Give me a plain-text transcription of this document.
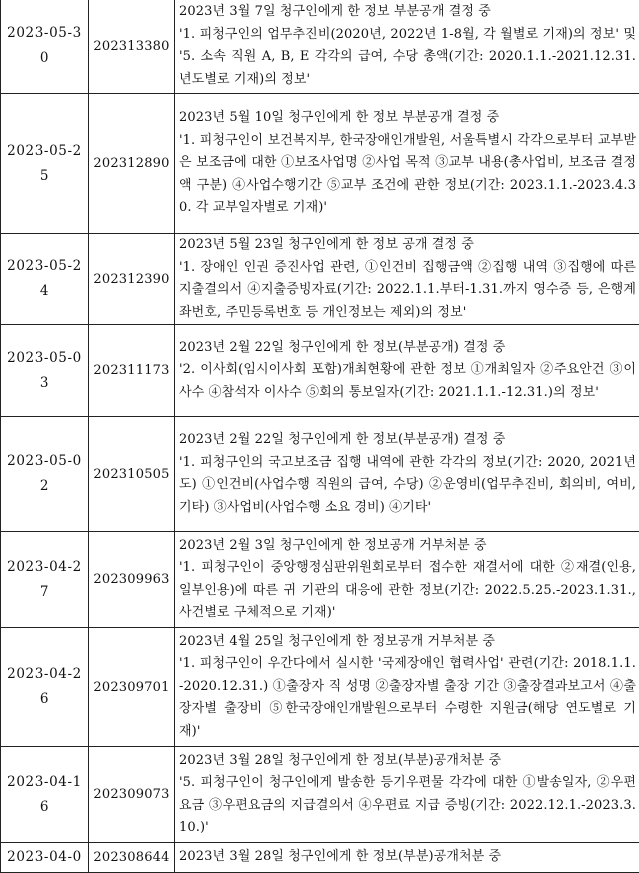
2023-05-30	202313380	2023년 3월 7일 청구인에게 한 정보 부분공개 결정 중

'1. 피청구인의 업무추진비(2020년, 2022년 1-8월, 각 월별로 기재)의 정보' 및 '5. 소속 직원 A, B, E 각각의 급여, 수당 총액(기간: 2020.1.1.-2021.12.31. 년도별로 기재)의 정보'

2023-05-25	202312890	2023년 5월 10일 청구인에게 한 정보 부분공개 결정 중

'1. 피청구인이 보건복지부, 한국장애인개발원, 서울특별시 각각으로부터 교부받은 보조금에 대한 ①보조사업명 ②사업 목적 ③교부 내용(총사업비, 보조금 결정액 구분) ④사업수행기간 ⑤교부 조건에 관한 정보(기간: 2023.1.1.-2023.4.30. 각 교부일자별로 기재)'

2023-05-24	202312390	2023년 5월 23일 청구인에게 한 정보 공개 결정 중

'1. 장애인 인권 증진사업 관련, ①인건비 집행금액 ②집행 내역 ③집행에 따른 지출결의서 ④지출증빙자료(기간: 2022.1.1.부터-1.31.까지 영수증 등, 은행계좌번호, 주민등록번호 등 개인정보는 제외)의 정보'

2023-05-03	202311173	2023년 2월 22일 청구인에게 한 정보(부분공개) 결정 중

'2. 이사회(임시이사회 포함)개최현황에 관한 정보 ①개최일자 ②주요안건 ③이사수 ④참석자 이사수 ⑤회의 통보일자(기간: 2021.1.1.-12.31.)의 정보'

2023-05-02	202310505	2023년 2월 22일 청구인에게 한 정보(부분공개) 결정 중

'1. 피청구인의 국고보조금 집행 내역에 관한 각각의 정보(기간: 2020, 2021년도) ①인건비(사업수행 직원의 급여, 수당) ②운영비(업무추진비, 회의비, 여비, 기타) ③사업비(사업수행 소요 경비) ④기타'

2023-04-27	202309963	2023년 2월 3일 청구인에게 한 정보공개 거부처분 중

'1. 피청구인이 중앙행정심판위원회로부터 접수한 재결서에 대한 ②재결(인용, 일부인용)에 따른 귀 기관의 대응에 관한 정보(기간: 2022.5.25.-2023.1.31., 사건별로 구체적으로 기재)'

2023-04-26	202309701	2023년 4월 25일 청구인에게 한 정보공개 거부처분 중

'1. 피청구인이 우간다에서 실시한 '국제장애인 협력사업' 관련(기간: 2018.1.1.-2020.12.31.) ①출장자 직 성명 ②출장자별 출장 기간 ③출장결과보고서 ④출장자별 출장비 ⑤한국장애인개발원으로부터 수령한 지원금(해당 연도별로 기재)'

2023-04-16	202309073	2023년 3월 28일 청구인에게 한 정보(부분)공개처분 중

'5. 피청구인이 청구인에게 발송한 등기우편물 각각에 대한 ①발송일자, ②우편요금 ③우편요금의 지급결의서 ④우편료 지급 증빙(기간: 2022.12.1.-2023.3.10.)'

2023-04-0	202308644	2023년 3월 28일 청구인에게 한 정보(부분)공개처분 중
